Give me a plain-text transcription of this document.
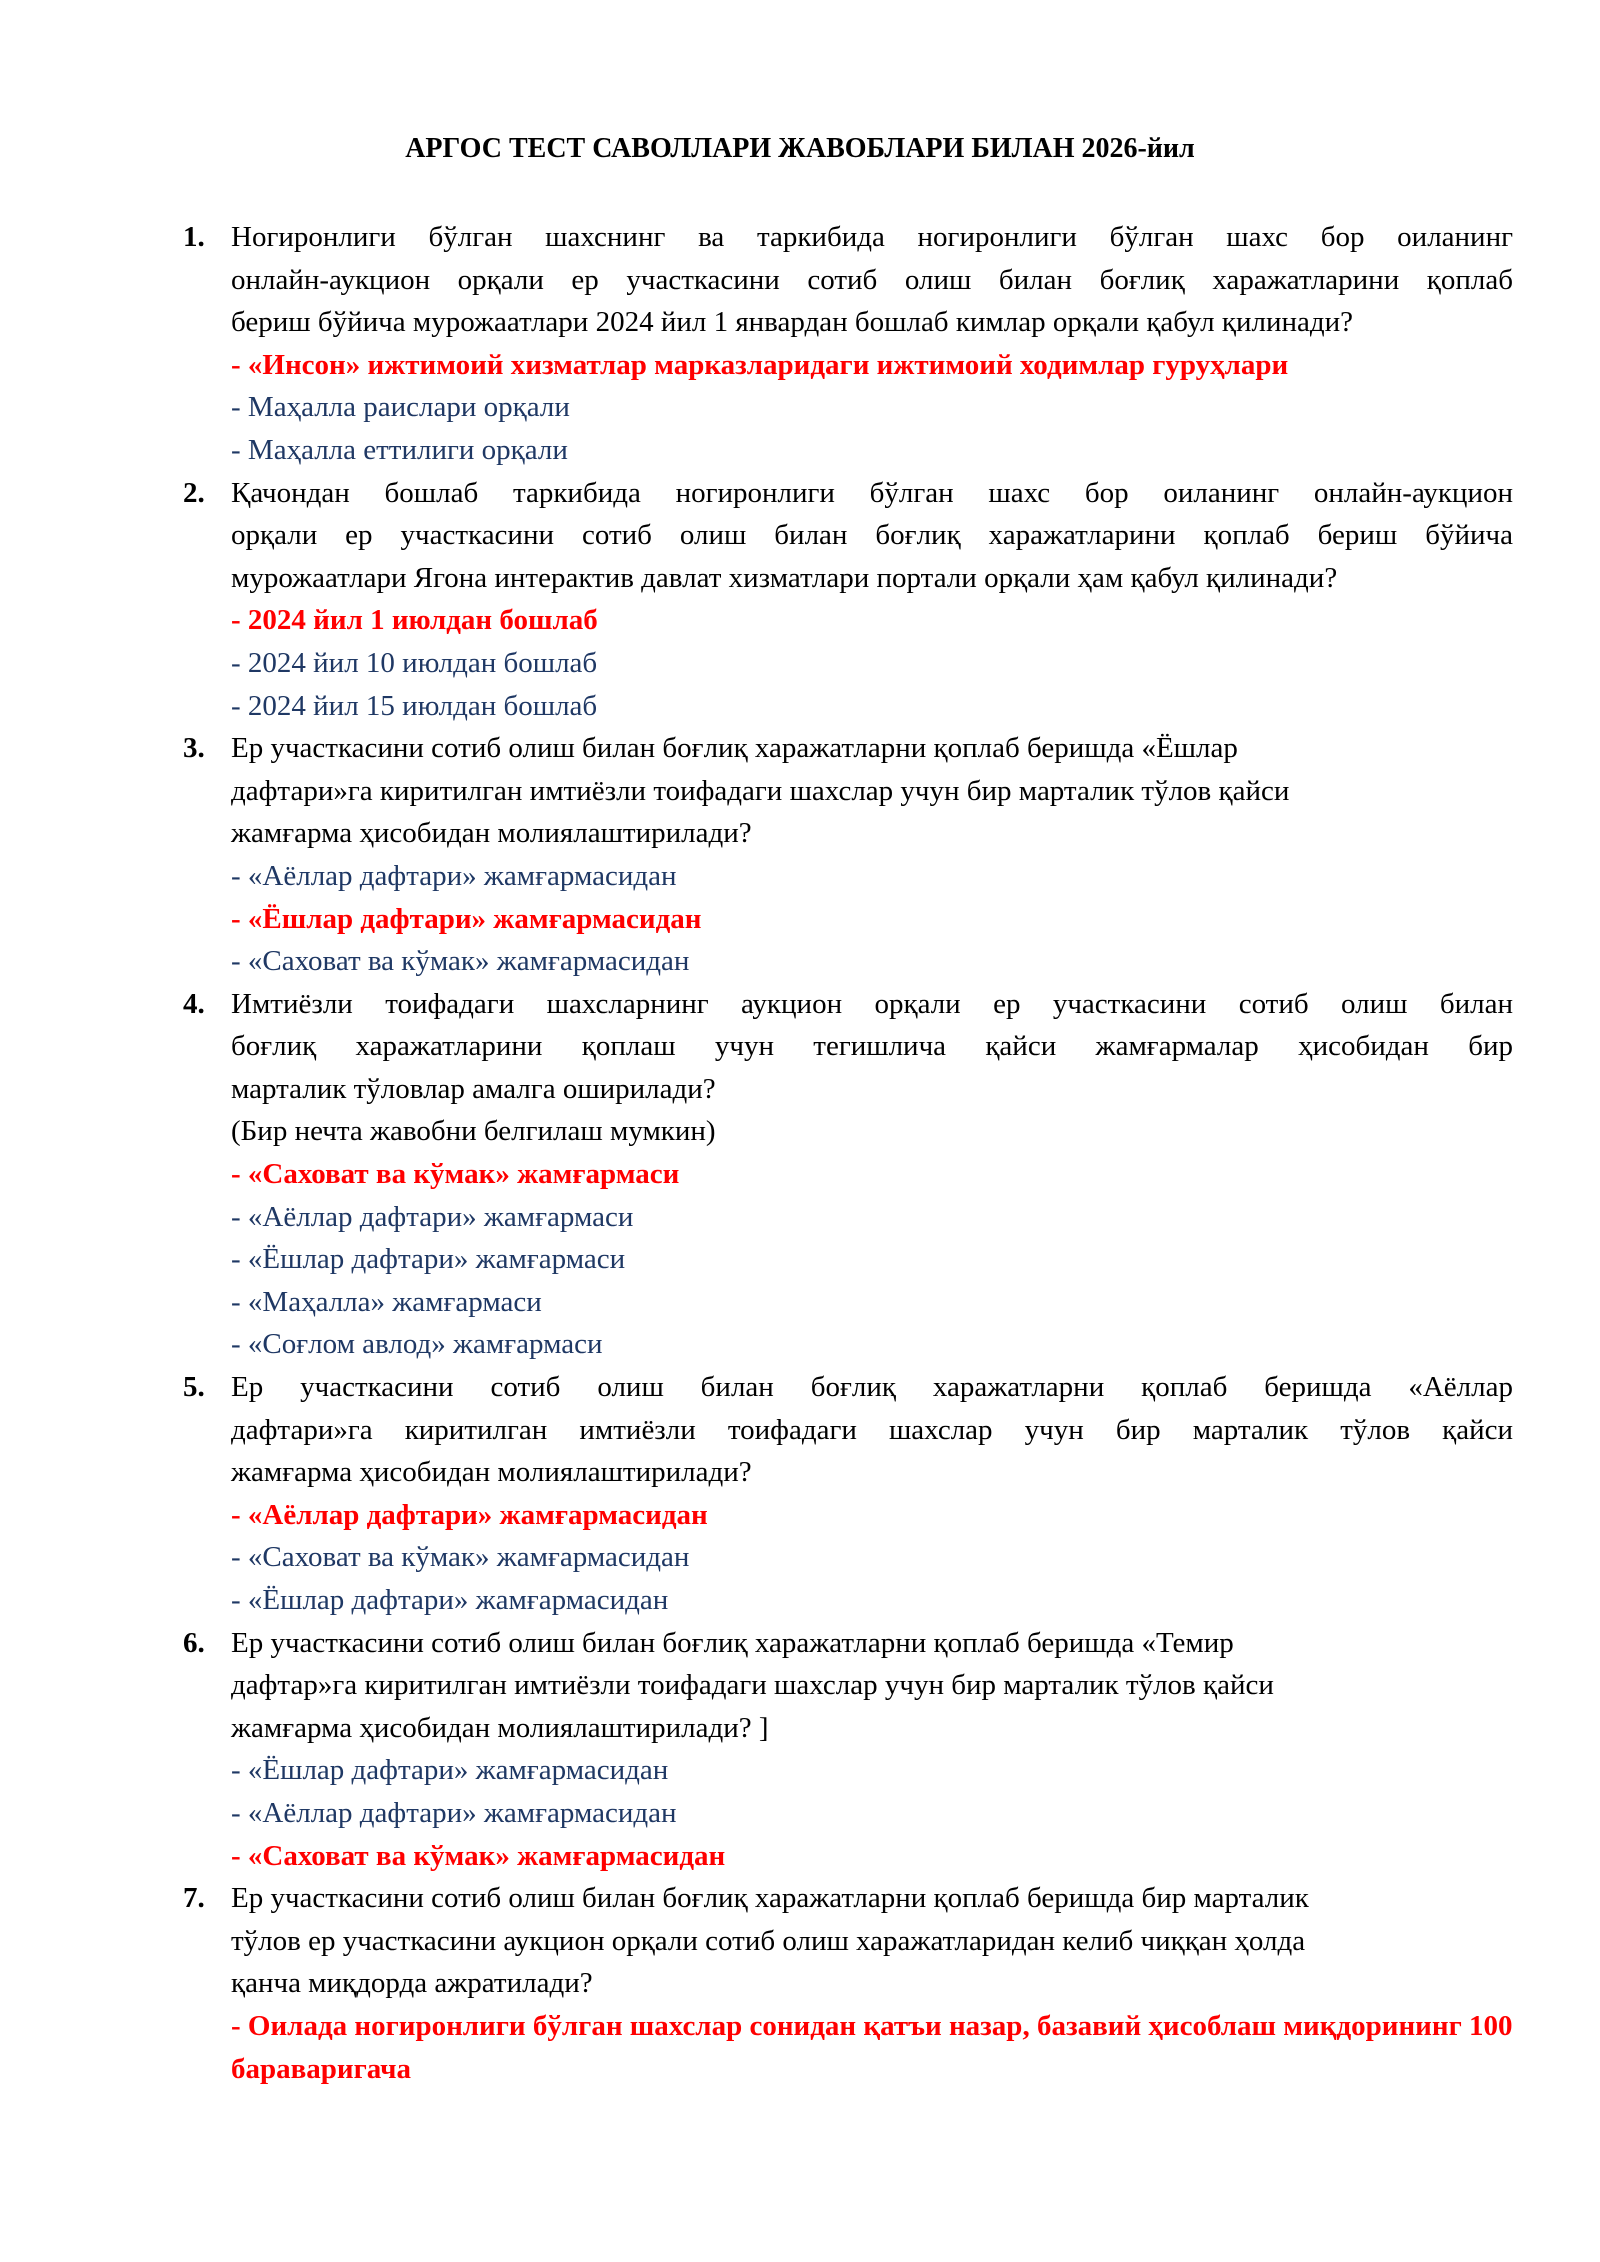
АРГОС ТЕСТ САВОЛЛАРИ ЖАВОБЛАРИ БИЛАН 2026-йил
1. Ногиронлиги бўлган шахснинг ва таркибида ногиронлиги бўлган шахс бор оиланинг
онлайн-аукцион орқали ер участкасини сотиб олиш билан боғлиқ харажатларини қоплаб
бериш бўйича мурожаатлари 2024 йил 1 январдан бошлаб кимлар орқали қабул қилинади?

- «Инсон» ижтимоий хизматлар марказларидаги ижтимоий ходимлар гуруҳлари
- Маҳалла раислари орқали
- Маҳалла еттилиги орқали
2. Қачондан бошлаб таркибида ногиронлиги бўлган шахс бор оиланинг онлайн-аукцион
орқали ер участкасини сотиб олиш билан боғлиқ харажатларини қоплаб бериш бўйича
мурожаатлари Ягона интерактив давлат хизматлари портали орқали ҳам қабул қилинади?

- 2024 йил 1 июлдан бошлаб
- 2024 йил 10 июлдан бошлаб
- 2024 йил 15 июлдан бошлаб
3. Ер участкасини сотиб олиш билан боғлиқ харажатларни қоплаб беришда «Ёшлар
дафтари»га киритилган имтиёзли тоифадаги шахслар учун бир марталик тўлов қайси
жамғарма ҳисобидан молиялаштирилади?

- «Аёллар дафтари» жамғармасидан
- «Ёшлар дафтари» жамғармасидан
- «Саховат ва кўмак» жамғармасидан
4. Имтиёзли тоифадаги шахсларнинг аукцион орқали ер участкасини сотиб олиш билан
боғлиқ харажатларини қоплаш учун тегишлича қайси жамғармалар ҳисобидан бир
марталик тўловлар амалга оширилади?
(Бир нечта жавобни белгилаш мумкин)

- «Саховат ва кўмак» жамғармаси
- «Аёллар дафтари» жамғармаси
- «Ёшлар дафтари» жамғармаси
- «Маҳалла» жамғармаси
- «Соғлом авлод» жамғармаси
5. Ер участкасини сотиб олиш билан боғлиқ харажатларни қоплаб беришда «Аёллар
дафтари»га киритилган имтиёзли тоифадаги шахслар учун бир марталик тўлов қайси
жамғарма ҳисобидан молиялаштирилади?

- «Аёллар дафтари» жамғармасидан
- «Саховат ва кўмак» жамғармасидан
- «Ёшлар дафтари» жамғармасидан
6. Ер участкасини сотиб олиш билан боғлиқ харажатларни қоплаб беришда «Темир
дафтар»га киритилган имтиёзли тоифадаги шахслар учун бир марталик тўлов қайси
жамғарма ҳисобидан молиялаштирилади? ]

- «Ёшлар дафтари» жамғармасидан
- «Аёллар дафтари» жамғармасидан
- «Саховат ва кўмак» жамғармасидан
7. Ер участкасини сотиб олиш билан боғлиқ харажатларни қоплаб беришда бир марталик
тўлов ер участкасини аукцион орқали сотиб олиш харажатларидан келиб чиққан ҳолда
қанча миқдорда ажратилади?

- Оилада ногиронлиги бўлган шахслар сонидан қатъи назар, базавий ҳисоблаш миқдорининг 100 бараваригача
